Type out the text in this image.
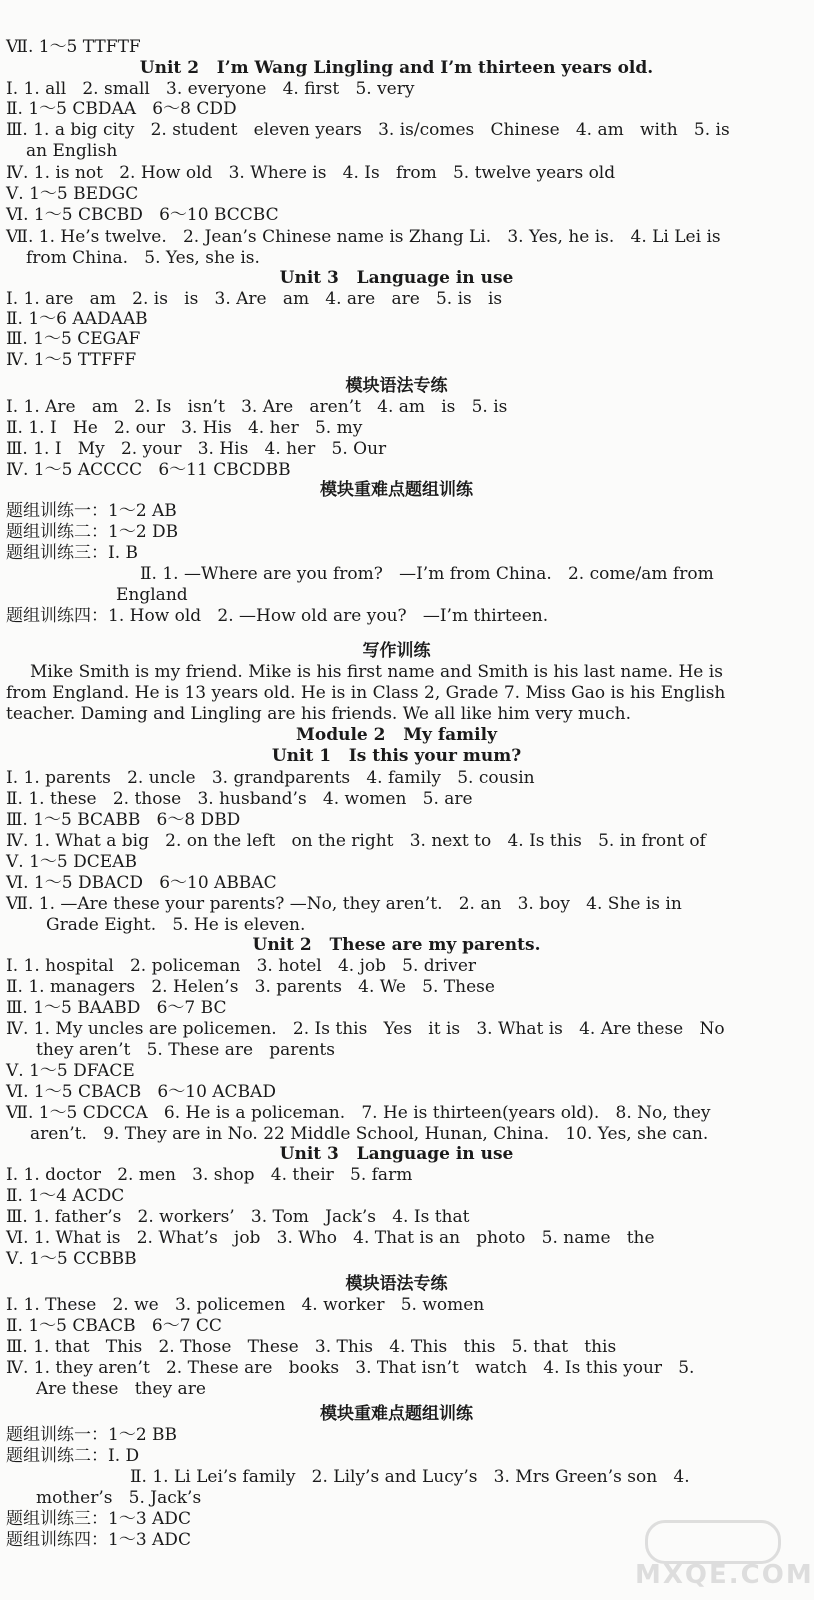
Ⅶ. 1～5 TTFTF
Unit 2   I’m Wang Lingling and I’m thirteen years old.
Ⅰ. 1. all   2. small   3. everyone   4. first   5. very
Ⅱ. 1～5 CBDAA   6～8 CDD
Ⅲ. 1. a big city   2. student   eleven years   3. is/comes   Chinese   4. am   with   5. is
an English
Ⅳ. 1. is not   2. How old   3. Where is   4. Is   from   5. twelve years old
Ⅴ. 1～5 BEDGC
Ⅵ. 1～5 CBCBD   6～10 BCCBC
Ⅶ. 1. He’s twelve.   2. Jean’s Chinese name is Zhang Li.   3. Yes, he is.   4. Li Lei is
from China.   5. Yes, she is.
Unit 3   Language in use
Ⅰ. 1. are   am   2. is   is   3. Are   am   4. are   are   5. is   is
Ⅱ. 1～6 AADAAB
Ⅲ. 1～5 CEGAF
Ⅳ. 1～5 TTFFF
模块语法专练
Ⅰ. 1. Are   am   2. Is   isn’t   3. Are   aren’t   4. am   is   5. is
Ⅱ. 1. I   He   2. our   3. His   4. her   5. my
Ⅲ. 1. I   My   2. your   3. His   4. her   5. Our
Ⅳ. 1～5 ACCCC   6～11 CBCDBB
模块重难点题组训练
题组训练一：1～2 AB
题组训练二：1～2 DB
题组训练三：Ⅰ. B
Ⅱ. 1. —Where are you from?   —I’m from China.   2. come/am from
England
题组训练四：1. How old   2. —How old are you?   —I’m thirteen.
写作训练
Mike Smith is my friend. Mike is his first name and Smith is his last name. He is
from England. He is 13 years old. He is in Class 2, Grade 7. Miss Gao is his English
teacher. Daming and Lingling are his friends. We all like him very much.
Module 2   My family
Unit 1   Is this your mum?
Ⅰ. 1. parents   2. uncle   3. grandparents   4. family   5. cousin
Ⅱ. 1. these   2. those   3. husband’s   4. women   5. are
Ⅲ. 1～5 BCABB   6～8 DBD
Ⅳ. 1. What a big   2. on the left   on the right   3. next to   4. Is this   5. in front of
Ⅴ. 1～5 DCEAB
Ⅵ. 1～5 DBACD   6～10 ABBAC
Ⅶ. 1. —Are these your parents? —No, they aren’t.   2. an   3. boy   4. She is in
Grade Eight.   5. He is eleven.
Unit 2   These are my parents.
Ⅰ. 1. hospital   2. policeman   3. hotel   4. job   5. driver
Ⅱ. 1. managers   2. Helen’s   3. parents   4. We   5. These
Ⅲ. 1～5 BAABD   6～7 BC
Ⅳ. 1. My uncles are policemen.   2. Is this   Yes   it is   3. What is   4. Are these   No
they aren’t   5. These are   parents
Ⅴ. 1～5 DFACE
Ⅵ. 1～5 CBACB   6～10 ACBAD
Ⅶ. 1～5 CDCCA   6. He is a policeman.   7. He is thirteen(years old).   8. No, they
aren’t.   9. They are in No. 22 Middle School, Hunan, China.   10. Yes, she can.
Unit 3   Language in use
Ⅰ. 1. doctor   2. men   3. shop   4. their   5. farm
Ⅱ. 1～4 ACDC
Ⅲ. 1. father’s   2. workers’   3. Tom   Jack’s   4. Is that
Ⅵ. 1. What is   2. What’s   job   3. Who   4. That is an   photo   5. name   the
Ⅴ. 1～5 CCBBB
模块语法专练
Ⅰ. 1. These   2. we   3. policemen   4. worker   5. women
Ⅱ. 1～5 CBACB   6～7 CC
Ⅲ. 1. that   This   2. Those   These   3. This   4. This   this   5. that   this
Ⅳ. 1. they aren’t   2. These are   books   3. That isn’t   watch   4. Is this your   5.
Are these   they are
模块重难点题组训练
题组训练一：1～2 BB
题组训练二：Ⅰ. D
Ⅱ. 1. Li Lei’s family   2. Lily’s and Lucy’s   3. Mrs Green’s son   4.
mother’s   5. Jack’s
题组训练三：1～3 ADC
题组训练四：1～3 ADC
MXQE.COM
